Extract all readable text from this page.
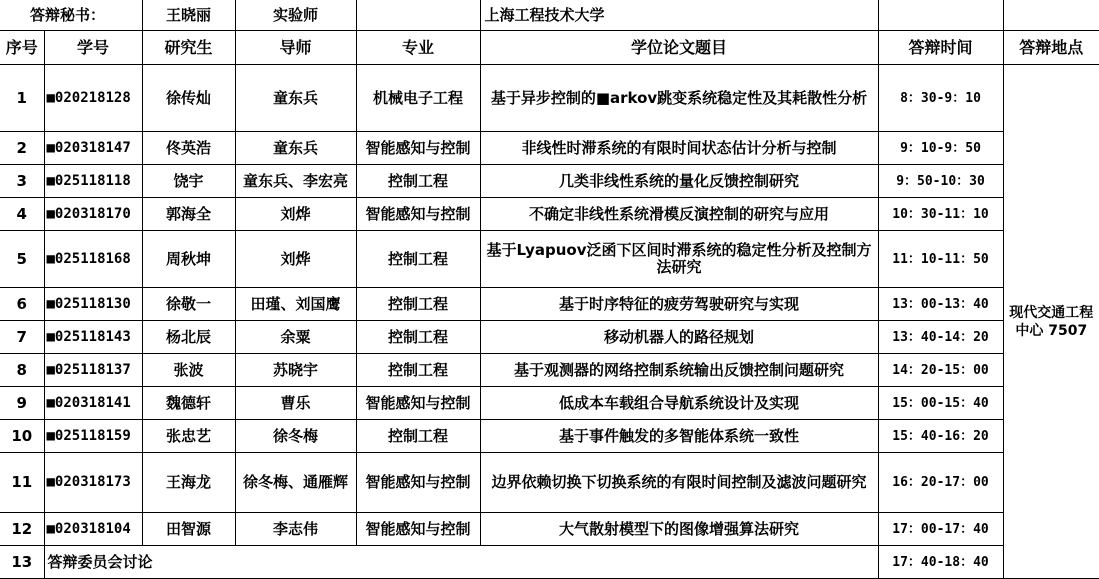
答辩秘书：		王晓丽	实验师		上海工程技术大学		
序号	学号	研究生	导师	专业	学位论文题目	答辩时间	答辩地点
1	■020218128	徐传灿	童东兵	机械电子工程	基于异步控制的■arkov跳变系统稳定性及其耗散性分析	8：30-9：10	现代交通工程中心 7507
2	■020318147	佟英浩	童东兵	智能感知与控制	非线性时滞系统的有限时间状态估计分析与控制	9：10-9：50	
3	■025118118	饶宇	童东兵、李宏亮	控制工程	几类非线性系统的量化反馈控制研究	9：50-10：30	
4	■020318170	郭海全	刘烨	智能感知与控制	不确定非线性系统滑模反演控制的研究与应用	10：30-11：10	
5	■025118168	周秋坤	刘烨	控制工程	基于Lyapuov泛函下区间时滞系统的稳定性分析及控制方法研究	11：10-11：50	
6	■025118130	徐敬一	田瑾、刘国鹰	控制工程	基于时序特征的疲劳驾驶研究与实现	13：00-13：40	
7	■025118143	杨北辰	余粟	控制工程	移动机器人的路径规划	13：40-14：20	
8	■025118137	张波	苏晓宇	控制工程	基于观测器的网络控制系统输出反馈控制问题研究	14：20-15：00	
9	■020318141	魏德轩	曹乐	智能感知与控制	低成本车载组合导航系统设计及实现	15：00-15：40	
10	■025118159	张忠艺	徐冬梅	控制工程	基于事件触发的多智能体系统一致性	15：40-16：20	
11	■020318173	王海龙	徐冬梅、通雁辉	智能感知与控制	边界依赖切换下切换系统的有限时间控制及滤波问题研究	16：20-17：00	
12	■020318104	田智源	李志伟	智能感知与控制	大气散射模型下的图像增强算法研究	17：00-17：40	
13	答辩委员会讨论					17：40-18：40	
